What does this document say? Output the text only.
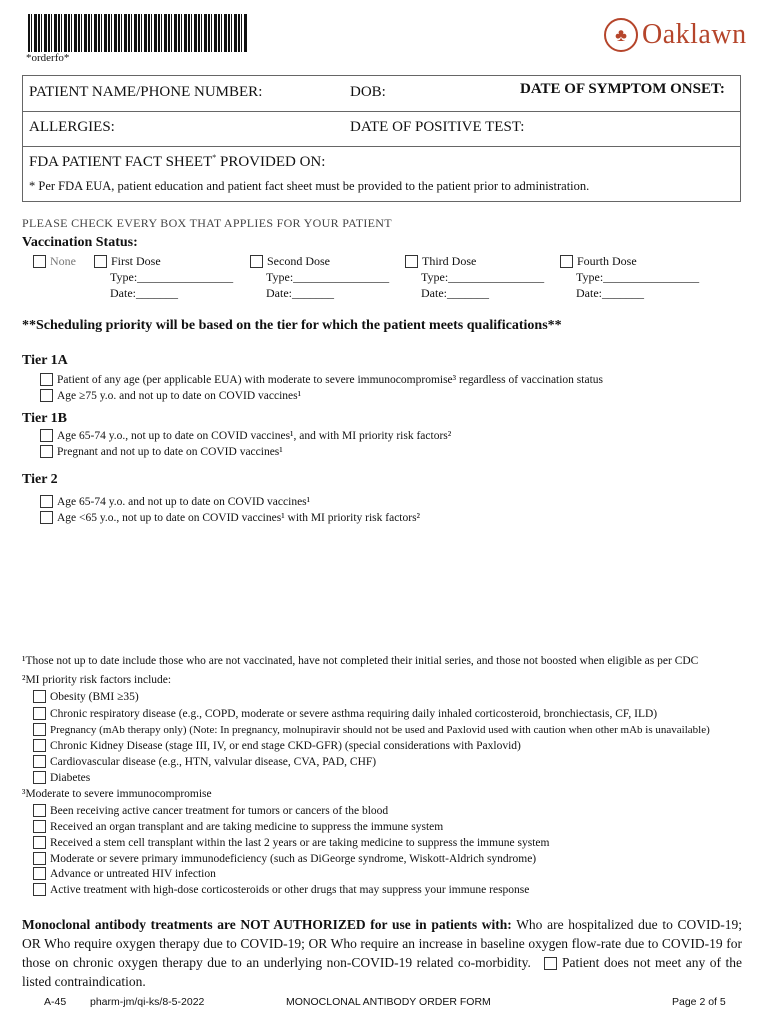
*orderfo*
♣ Oaklawn
PATIENT NAME/PHONE NUMBER:	DOB:	DATE OF SYMPTOM ONSET:
ALLERGIES:	DATE OF POSITIVE TEST:
FDA PATIENT FACT SHEET* PROVIDED ON:
* Per FDA EUA, patient education and patient fact sheet must be provided to the patient prior to administration.
PLEASE CHECK EVERY BOX THAT APPLIES FOR YOUR PATIENT
Vaccination Status:
None	First Dose
Type:________________
Date:_______
Second Dose
Type:________________
Date:_______
Third Dose
Type:________________
Date:_______
Fourth Dose
Type:________________
Date:_______
**Scheduling priority will be based on the tier for which the patient meets qualifications**
Tier 1A
Patient of any age (per applicable EUA) with moderate to severe immunocompromise³ regardless of vaccination status
Age ≥75 y.o. and not up to date on COVID vaccines¹
Tier 1B
Age 65-74 y.o., not up to date on COVID vaccines¹, and with MI priority risk factors²
Pregnant and not up to date on COVID vaccines¹
Tier 2
Age 65-74 y.o. and not up to date on COVID vaccines¹
Age <65 y.o., not up to date on COVID vaccines¹ with MI priority risk factors²
¹Those not up to date include those who are not vaccinated, have not completed their initial series, and those not boosted when eligible as per CDC
²MI priority risk factors include:
Obesity (BMI ≥35)
Chronic respiratory disease (e.g., COPD, moderate or severe asthma requiring daily inhaled corticosteroid, bronchiectasis, CF, ILD)
Pregnancy (mAb therapy only) (Note: In pregnancy, molnupiravir should not be used and Paxlovid used with caution when other mAb is unavailable)
Chronic Kidney Disease (stage III, IV, or end stage CKD-GFR) (special considerations with Paxlovid)
Cardiovascular disease (e.g., HTN, valvular disease, CVA, PAD, CHF)
Diabetes
³Moderate to severe immunocompromise
Been receiving active cancer treatment for tumors or cancers of the blood
Received an organ transplant and are taking medicine to suppress the immune system
Received a stem cell transplant within the last 2 years or are taking medicine to suppress the immune system
Moderate or severe primary immunodeficiency (such as DiGeorge syndrome, Wiskott-Aldrich syndrome)
Advance or untreated HIV infection
Active treatment with high-dose corticosteroids or other drugs that may suppress your immune response
Monoclonal antibody treatments are NOT AUTHORIZED for use in patients with: Who are hospitalized due to COVID-19; OR Who require oxygen therapy due to COVID-19; OR Who require an increase in baseline oxygen flow-rate due to COVID-19 for those on chronic oxygen therapy due to an underlying non-COVID-19 related co-morbidity. Patient does not meet any of the listed contraindication.
A-45 pharm-jm/qi-ks/8-5-2022	MONOCLONAL ANTIBODY ORDER FORM	Page 2 of 5
